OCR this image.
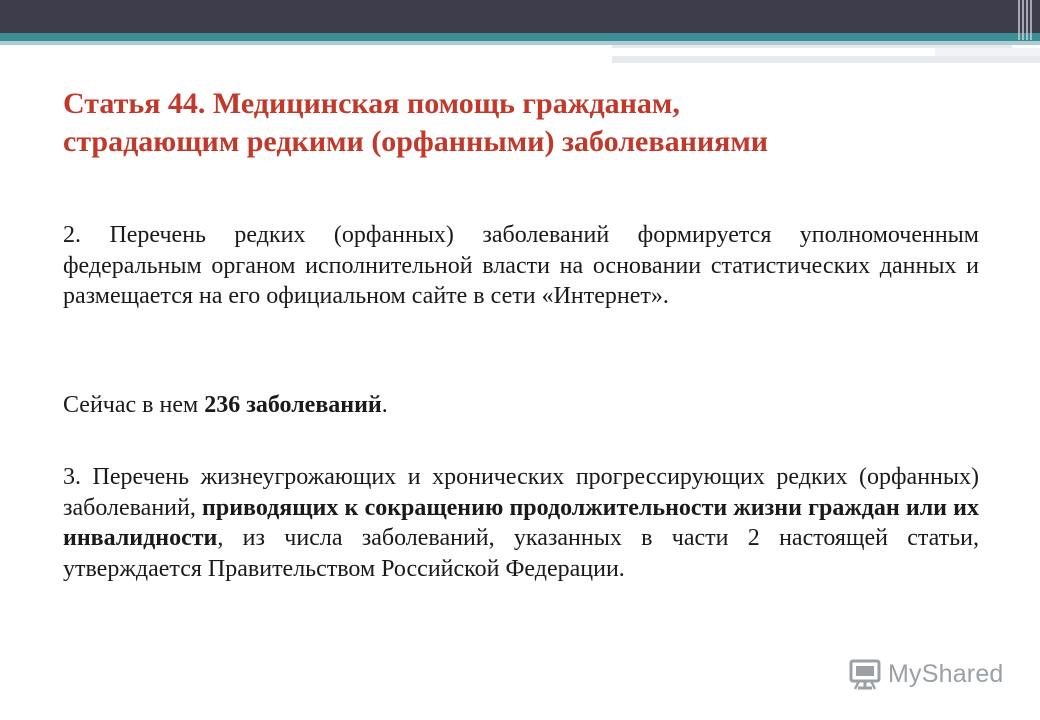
Статья 44. Медицинская помощь гражданам,
страдающим редкими (орфанными) заболеваниями

2. Перечень редких (орфанных) заболеваний формируется уполномоченным федеральным органом исполнительной власти на основании статистических данных и размещается на его официальном сайте в сети «Интернет».

Сейчас в нем 236 заболеваний.

3. Перечень жизнеугрожающих и хронических прогрессирующих редких (орфанных) заболеваний, приводящих к сокращению продолжительности жизни граждан или их инвалидности, из числа заболеваний, указанных в части 2 настоящей статьи, утверждается Правительством Российской Федерации.

MyShared
